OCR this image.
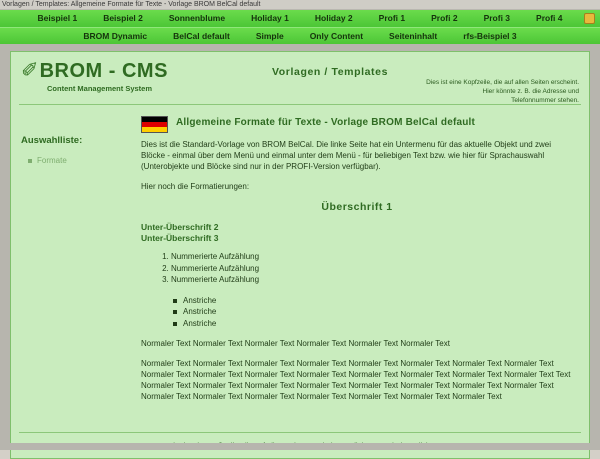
Vorlagen / Templates: Allgemeine Formate für Texte - Vorlage BROM BelCal default
Beispiel 1	Beispiel 2	Sonnenblume	Holiday 1	Holiday 2	Profi 1	Profi 2	Profi 3	Profi 4
BROM Dynamic	BelCal default	Simple	Only Content	Seiteninhalt	rfs-Beispiel 3
✐ BROM - CMS
Content Management System
Vorlagen / Templates
Dies ist eine Kopfzeile, die auf allen Seiten erscheint.
Hier könnte z. B. die Adresse und
Telefonnummer stehen.
Auswahlliste:
Formate
Allgemeine Formate für Texte - Vorlage BROM BelCal default

Dies ist die Standard-Vorlage von BROM BelCal. Die linke Seite hat ein Untermenu für das aktuelle Objekt und zwei Blöcke - einmal über dem Menü und einmal unter dem Menü - für beliebigen Text bzw. wie hier für Sprachauswahl (Unterobjekte und Blöcke sind nur in der PROFI-Version verfügbar).

Hier noch die Formatierungen:

Überschrift 1
Unter-Überschrift 2
Unter-Überschrift 3
1. Nummerierte Aufzählung
2. Nummerierte Aufzählung
3. Nummerierte Aufzählung
Anstriche
Anstriche
Anstriche
Normaler Text Normaler Text Normaler Text Normaler Text Normaler Text Normaler Text
Normaler Text Normaler Text Normaler Text Normaler Text Normaler Text Normaler Text Normaler Text Normaler Text Normaler Text Normaler Text Normaler Text Normaler Text Normaler Text Normaler Text Normaler Text Normaler Text Text Normaler Text Normaler Text Normaler Text Normaler Text Normaler Text Normaler Text Normaler Text Normaler Text Normaler Text Normaler Text Normaler Text Normaler Text Normaler Text Normaler Text Normaler Text
